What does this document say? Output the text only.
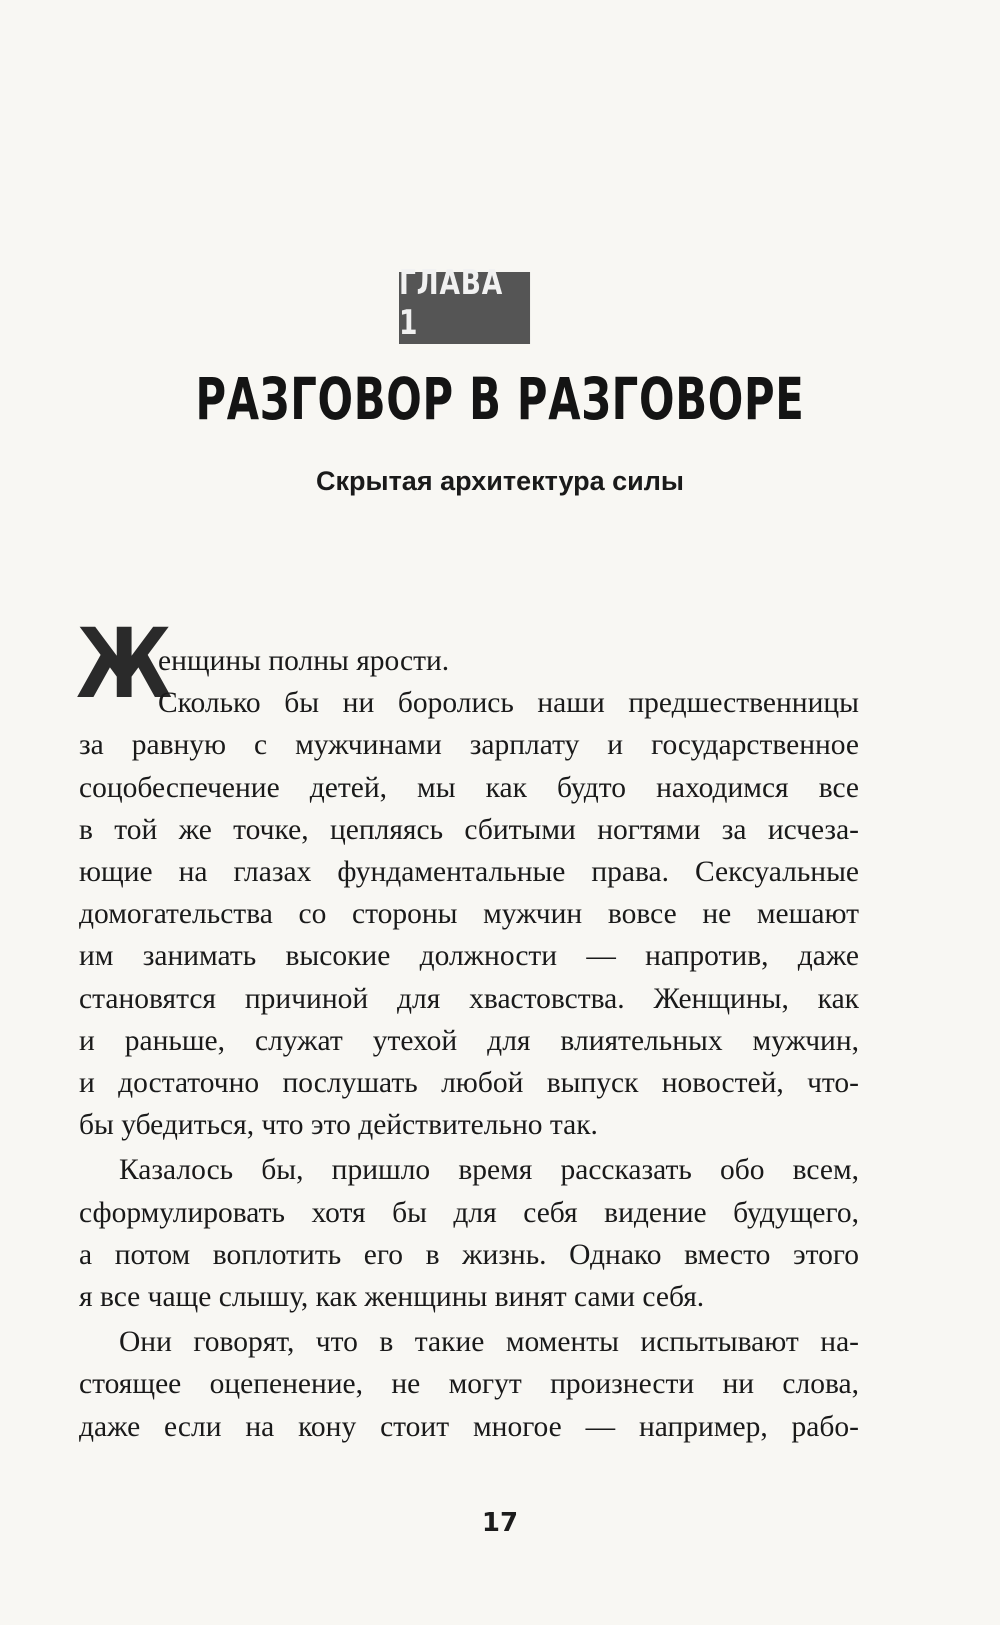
ГЛАВА 1
РАЗГОВОР В РАЗГОВОРЕ
Скрытая архитектура силы
Ж
енщины полны ярости.
Сколько бы ни боролись наши предшественницы
за равную с мужчинами зарплату и государственное
соцобеспечение детей, мы как будто находимся все
в той же точке, цепляясь сбитыми ногтями за исчеза-
ющие на глазах фундаментальные права. Сексуальные
домогательства со стороны мужчин вовсе не мешают
им занимать высокие должности — напротив, даже
становятся причиной для хвастовства. Женщины, как
и раньше, служат утехой для влиятельных мужчин,
и достаточно послушать любой выпуск новостей, что-
бы убедиться, что это действительно так.
Казалось бы, пришло время рассказать обо всем,
сформулировать хотя бы для себя видение будущего,
а потом воплотить его в жизнь. Однако вместо этого
я все чаще слышу, как женщины винят сами себя.
Они говорят, что в такие моменты испытывают на-
стоящее оцепенение, не могут произнести ни слова,
даже если на кону стоит многое — например, рабо-
17
